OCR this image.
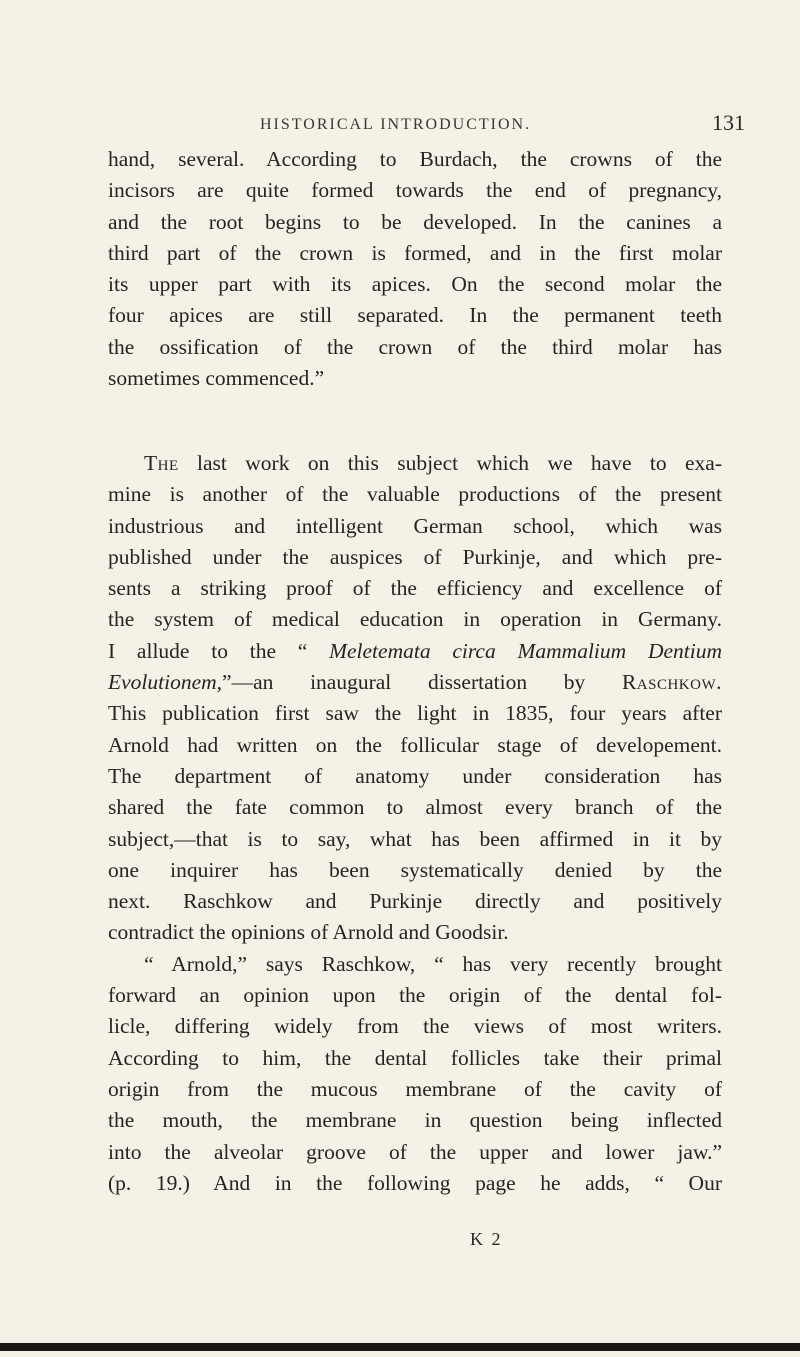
HISTORICAL INTRODUCTION.	131
hand, several. According to Burdach, the crowns of the
incisors are quite formed towards the end of pregnancy,
and the root begins to be developed. In the canines a
third part of the crown is formed, and in the first molar
its upper part with its apices. On the second molar the
four apices are still separated. In the permanent teeth
the ossification of the crown of the third molar has
sometimes commenced.”
The last work on this subject which we have to exa-
mine is another of the valuable productions of the present
industrious and intelligent German school, which was
published under the auspices of Purkinje, and which pre-
sents a striking proof of the efficiency and excellence of
the system of medical education in operation in Germany.
I allude to the “ Meletemata circa Mammalium Dentium
Evolutionem,”—an inaugural dissertation by Raschkow.
This publication first saw the light in 1835, four years after
Arnold had written on the follicular stage of developement.
The department of anatomy under consideration has
shared the fate common to almost every branch of the
subject,—that is to say, what has been affirmed in it by
one inquirer has been systematically denied by the
next. Raschkow and Purkinje directly and positively
contradict the opinions of Arnold and Goodsir.
“ Arnold,” says Raschkow, “ has very recently brought
forward an opinion upon the origin of the dental fol-
licle, differing widely from the views of most writers.
According to him, the dental follicles take their primal
origin from the mucous membrane of the cavity of
the mouth, the membrane in question being inflected
into the alveolar groove of the upper and lower jaw.”
(p. 19.) And in the following page he adds, “ Our
K 2
